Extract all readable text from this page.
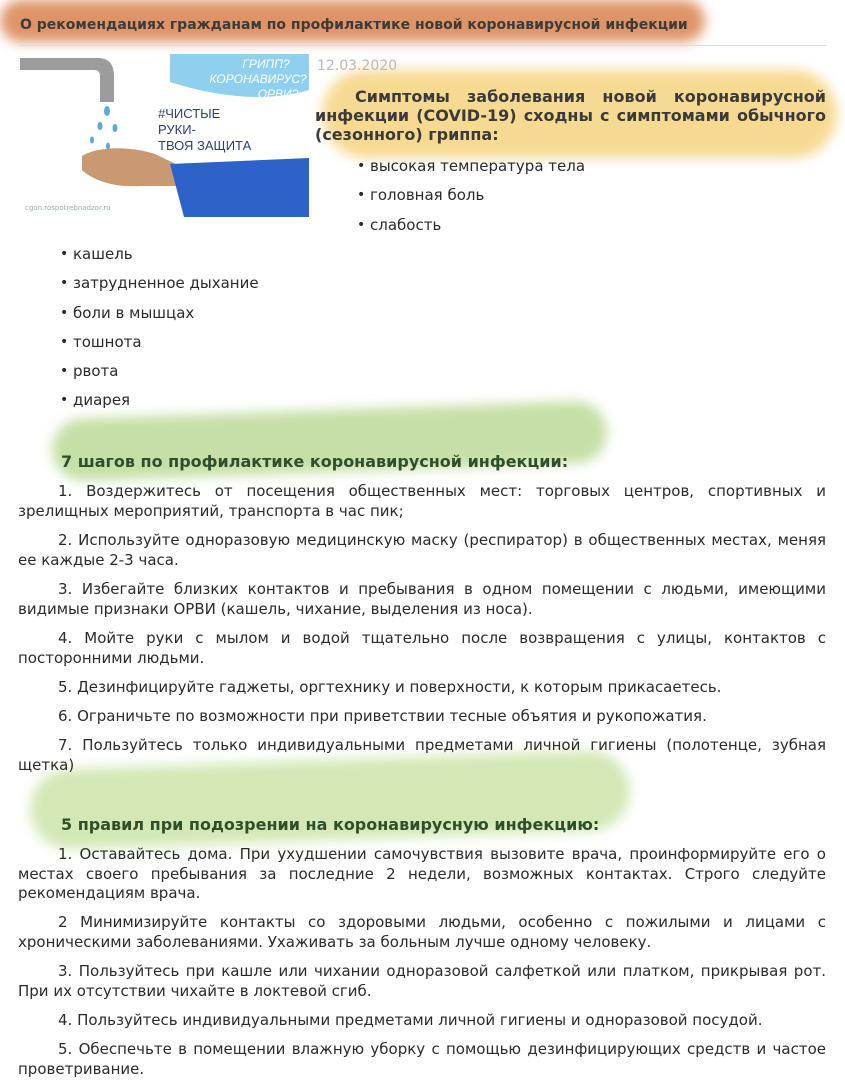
О рекомендациях гражданам по профилактике новой коронавирусной инфекции
ГРИПП?
КОРОНАВИРУС?
ОРВИ?
#ЧИСТЫЕ
РУКИ-
ТВОЯ ЗАЩИТА
cgon.rospotrebnadzor.ru
12.03.2020
Симптомы заболевания новой коронавирусной инфекции (COVID-19) сходны с симптомами обычного (сезонного) гриппа:
• высокая температура тела
• головная боль
• слабость
• кашель
• затрудненное дыхание
• боли в мышцах
• тошнота
• рвота
• диарея
7 шагов по профилактике коронавирусной инфекции:
1. Воздержитесь от посещения общественных мест: торговых центров, спортивных и зрелищных мероприятий, транспорта в час пик;
2. Используйте одноразовую медицинскую маску (респиратор) в общественных местах, меняя ее каждые 2-3 часа.
3. Избегайте близких контактов и пребывания в одном помещении с людьми, имеющими видимые признаки ОРВИ (кашель, чихание, выделения из носа).
4. Мойте руки с мылом и водой тщательно после возвращения с улицы, контактов с посторонними людьми.
5. Дезинфицируйте гаджеты, оргтехнику и поверхности, к которым прикасаетесь.
6. Ограничьте по возможности при приветствии тесные объятия и рукопожатия.
7. Пользуйтесь только индивидуальными предметами личной гигиены (полотенце, зубная щетка)
5 правил при подозрении на коронавирусную инфекцию:
1. Оставайтесь дома. При ухудшении самочувствия вызовите врача, проинформируйте его о местах своего пребывания за последние 2 недели, возможных контактах. Строго следуйте рекомендациям врача.
2 Минимизируйте контакты со здоровыми людьми, особенно с пожилыми и лицами с хроническими заболеваниями. Ухаживать за больным лучше одному человеку.
3. Пользуйтесь при кашле или чихании одноразовой салфеткой или платком, прикрывая рот. При их отсутствии чихайте в локтевой сгиб.
4. Пользуйтесь индивидуальными предметами личной гигиены и одноразовой посудой.
5. Обеспечьте в помещении влажную уборку с помощью дезинфицирующих средств и частое проветривание.
